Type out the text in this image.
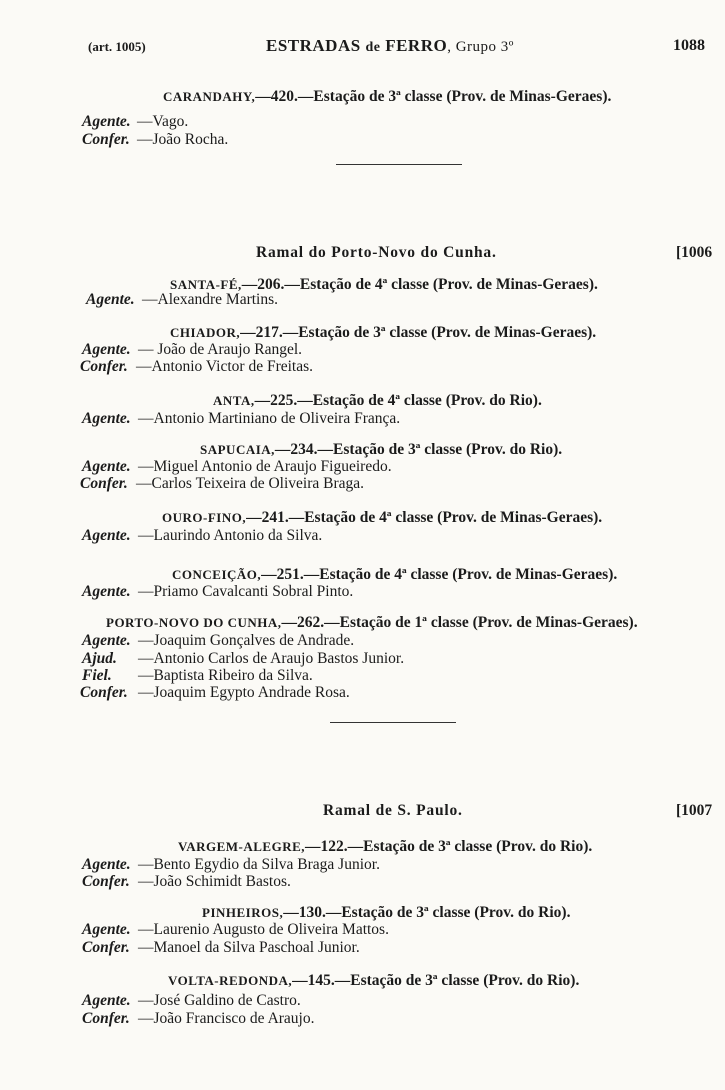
(art. 1005)	ESTRADAS de FERRO, Grupo 3º	1088
CARANDAHY,—420.—Estação de 3ª classe (Prov. de Minas-Geraes).
Agente. —Vago.
Confer. —João Rocha.
Ramal do Porto-Novo do Cunha.	[1006
SANTA-FÉ,—206.—Estação de 4ª classe (Prov. de Minas-Geraes).
Agente. —Alexandre Martins.
CHIADOR,—217.—Estação de 3ª classe (Prov. de Minas-Geraes).
Agente. — João de Araujo Rangel.
Confer. —Antonio Victor de Freitas.
ANTA,—225.—Estação de 4ª classe (Prov. do Rio).
Agente. —Antonio Martiniano de Oliveira França.
SAPUCAIA,—234.—Estação de 3ª classe (Prov. do Rio).
Agente. —Miguel Antonio de Araujo Figueiredo.
Confer. —Carlos Teixeira de Oliveira Braga.
OURO-FINO,—241.—Estação de 4ª classe (Prov. de Minas-Geraes).
Agente. —Laurindo Antonio da Silva.
CONCEIÇÃO,—251.—Estação de 4ª classe (Prov. de Minas-Geraes).
Agente. —Priamo Cavalcanti Sobral Pinto.
PORTO-NOVO DO CUNHA,—262.—Estação de 1ª classe (Prov. de Minas-Geraes).
Agente. —Joaquim Gonçalves de Andrade.
Ajud. —Antonio Carlos de Araujo Bastos Junior.
Fiel. —Baptista Ribeiro da Silva.
Confer. —Joaquim Egypto Andrade Rosa.
Ramal de S. Paulo.	[1007
VARGEM-ALEGRE,—122.—Estação de 3ª classe (Prov. do Rio).
Agente. —Bento Egydio da Silva Braga Junior.
Confer. —João Schimidt Bastos.
PINHEIROS,—130.—Estação de 3ª classe (Prov. do Rio).
Agente. —Laurenio Augusto de Oliveira Mattos.
Confer. —Manoel da Silva Paschoal Junior.
VOLTA-REDONDA,—145.—Estação de 3ª classe (Prov. do Rio).
Agente. —José Galdino de Castro.
Confer. —João Francisco de Araujo.
